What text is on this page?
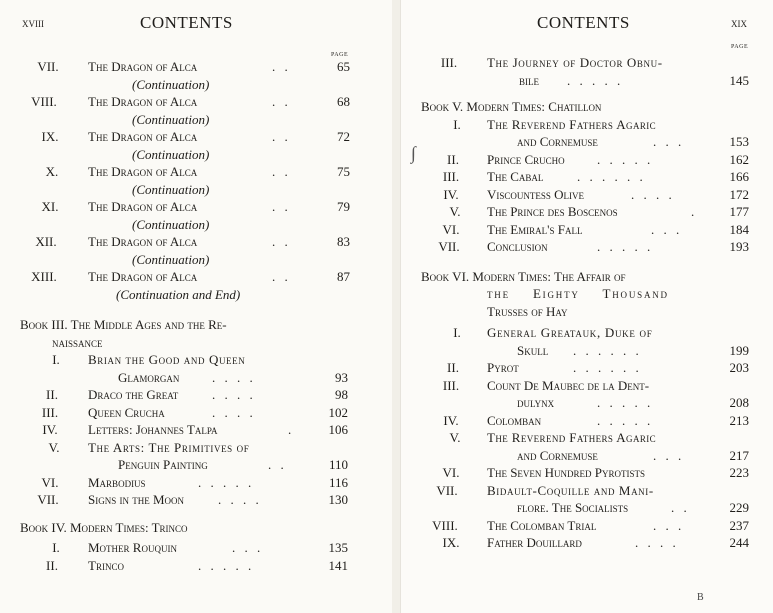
xviii	CONTENTS
PAGE
VII. The Dragon of Alca	. .	65
(Continuation)
VIII. The Dragon of Alca	. .	68
(Continuation)
IX.	The Dragon of Alca	. .	72
(Continuation)
X.	The Dragon of Alca	. .	75
(Continuation)
XI.	The Dragon of Alca	. .	79
(Continuation)
XII. The Dragon of Alca	. .	83
(Continuation)
XIII. The Dragon of Alca	. .	87
(Continuation and End)
Book III. The Middle Ages and the Re-
naissance
I.	Brian the Good and Queen
Glamorgan	. . . .	93
II.	Draco the Great	. . . .	98
III.	Queen Crucha	. . . .	102
IV.	Letters: Johannes Talpa	.	106
V.	The Arts: The Primitives of
Penguin Painting	. .	110
VI.	Marbodius	. . . . .	116
VII. Signs in the Moon	. . . .	130
Book IV. Modern Times: Trinco
I.	Mother Rouquin	. . .	135
II.	Trinco	. . . . .	141
CONTENTS	xix
PAGE
III.	The Journey of Doctor Obnu-
bile . . . . .	145
Book V. Modern Times: Chatillon
I.	The Reverend Fathers Agaric
and Cornemuse	. . .	153
∫	II.	Prince Crucho . . . . .	162
III.	The Cabal	. . . . . .	166
IV.	Viscountess Olive	. . . .	172
V.	The Prince des Boscenos	.	177
VI.	The Emiral's Fall	. . .	184
VII. Conclusion	. . . . .	193
Book VI. Modern Times: The Affair of
the Eighty Thousand
Trusses of Hay
I.	General Greatauk, Duke of
Skull . . . . . .	199
II.	Pyrot	. . . . . .	203
III.	Count De Maubec de la Dent-
dulynx	. . . . .	208
IV.	Colomban	. . . . .	213
V.	The Reverend Fathers Agaric
and Cornemuse	. . .	217
VI.	The Seven Hundred Pyrotists	223
VII. Bidault-Coquille and Mani-
flore. The Socialists	. .	229
VIII. The Colomban Trial	. . .	237
IX.	Father Douillard	. . . .	244
B
